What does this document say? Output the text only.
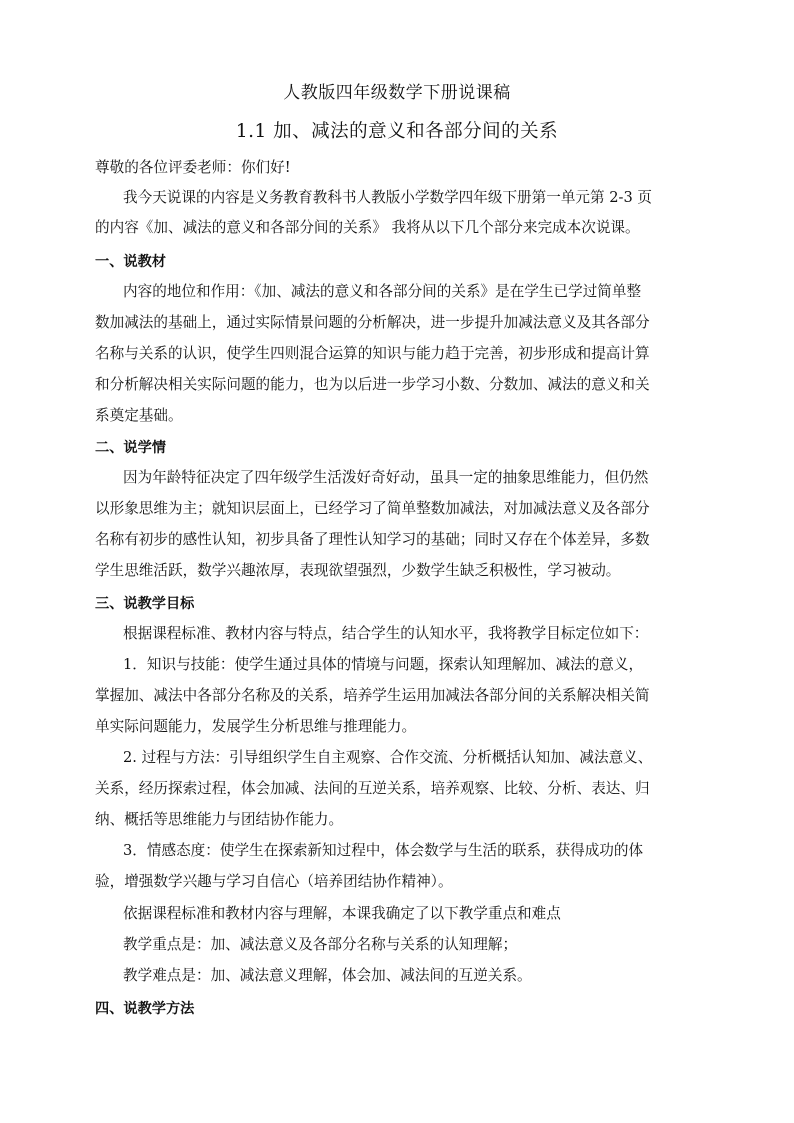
人教版四年级数学下册说课稿
1.1 加、减法的意义和各部分间的关系
尊敬的各位评委老师：你们好!
我今天说课的内容是义务教育教科书人教版小学数学四年级下册第一单元第 2-3 页
的内容《加、减法的意义和各部分间的关系》 我将从以下几个部分来完成本次说课。
一、说教材
内容的地位和作用：《加、减法的意义和各部分间的关系》是在学生已学过简单整
数加减法的基础上，通过实际情景问题的分析解决，进一步提升加减法意义及其各部分
名称与关系的认识，使学生四则混合运算的知识与能力趋于完善，初步形成和提高计算
和分析解决相关实际问题的能力，也为以后进一步学习小数、分数加、减法的意义和关
系奠定基础。
二、说学情
因为年龄特征决定了四年级学生活泼好奇好动，虽具一定的抽象思维能力，但仍然
以形象思维为主；就知识层面上，已经学习了简单整数加减法，对加减法意义及各部分
名称有初步的感性认知，初步具备了理性认知学习的基础；同时又存在个体差异，多数
学生思维活跃，数学兴趣浓厚，表现欲望强烈，少数学生缺乏积极性，学习被动。
三、说教学目标
根据课程标准、教材内容与特点，结合学生的认知水平，我将教学目标定位如下：
1．知识与技能：使学生通过具体的情境与问题，探索认知理解加、减法的意义，
掌握加、减法中各部分名称及的关系，培养学生运用加减法各部分间的关系解决相关简
单实际问题能力，发展学生分析思维与推理能力。
2. 过程与方法：引导组织学生自主观察、合作交流、分析概括认知加、减法意义、
关系，经历探索过程，体会加减、法间的互逆关系，培养观察、比较、分析、表达、归
纳、概括等思维能力与团结协作能力。
3．情感态度：使学生在探索新知过程中，体会数学与生活的联系，获得成功的体
验，增强数学兴趣与学习自信心（培养团结协作精神）。
依据课程标准和教材内容与理解，本课我确定了以下教学重点和难点
教学重点是：加、减法意义及各部分名称与关系的认知理解；
教学难点是：加、减法意义理解，体会加、减法间的互逆关系。
四、说教学方法
